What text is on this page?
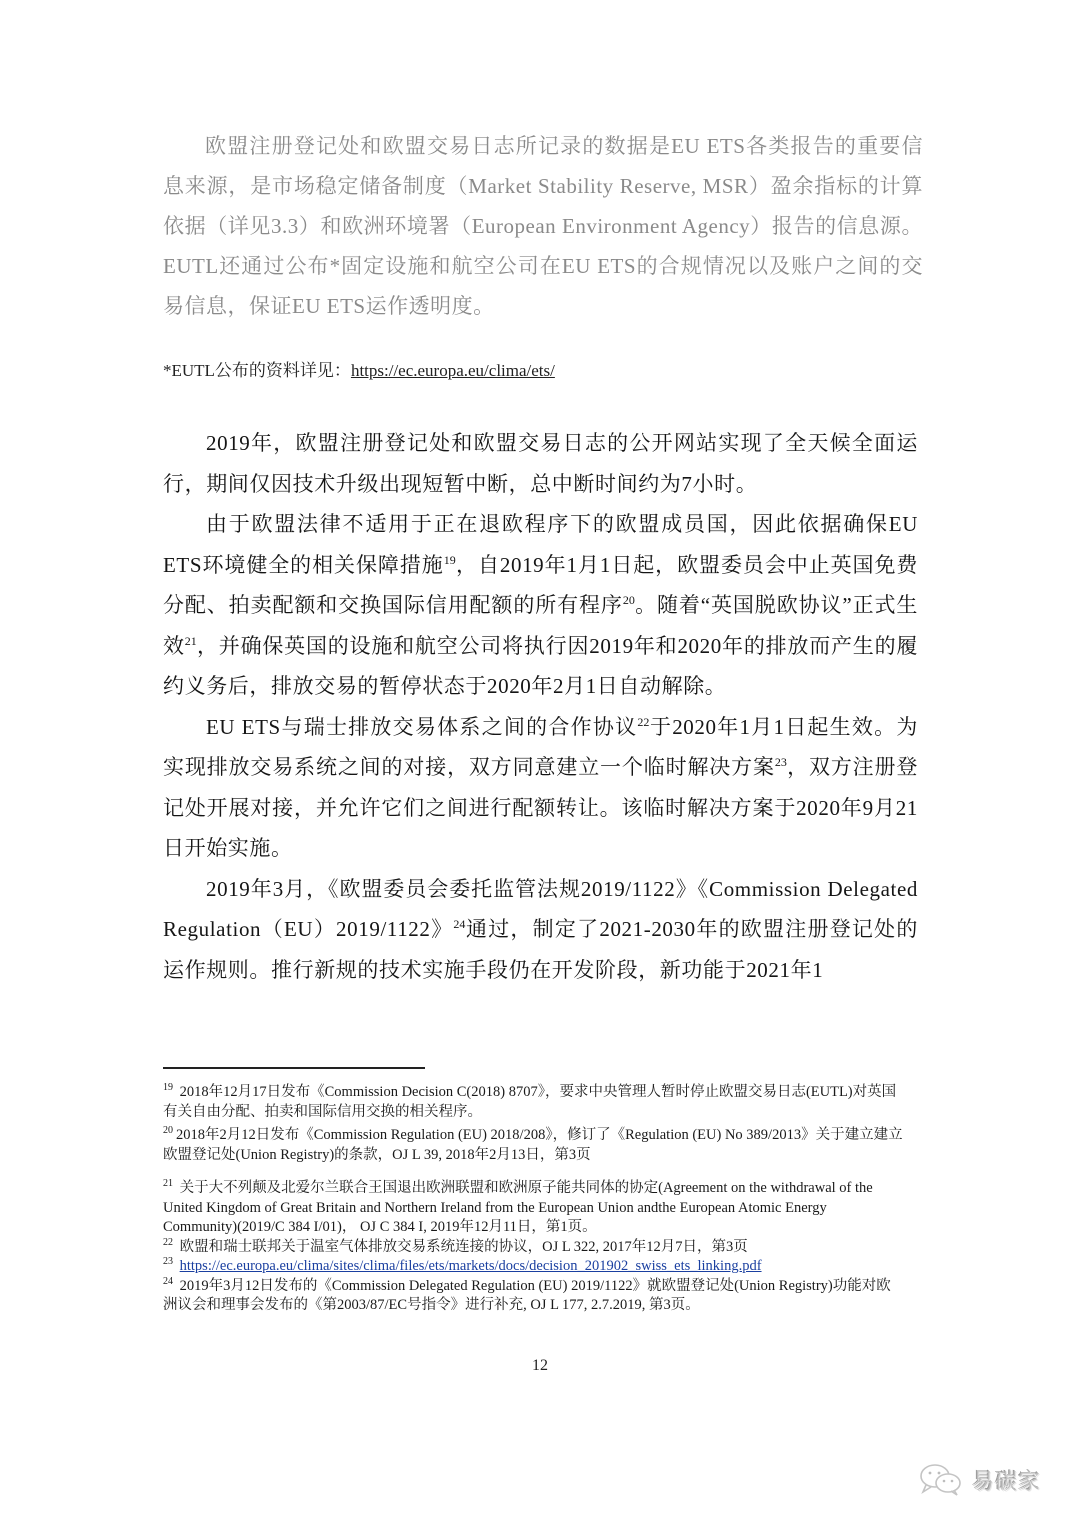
欧盟注册登记处和欧盟交易日志所记录的数据是EU ETS各类报告的重要信息来源，是市场稳定储备制度（Market Stability Reserve, MSR）盈余指标的计算依据（详见3.3）和欧洲环境署（European Environment Agency）报告的信息源。EUTL还通过公布*固定设施和航空公司在EU ETS的合规情况以及账户之间的交易信息，保证EU ETS运作透明度。

*EUTL公布的资料详见：https://ec.europa.eu/clima/ets/

2019年，欧盟注册登记处和欧盟交易日志的公开网站实现了全天候全面运行，期间仅因技术升级出现短暂中断，总中断时间约为7小时。

由于欧盟法律不适用于正在退欧程序下的欧盟成员国，因此依据确保EU ETS环境健全的相关保障措施$^{19}$，自2019年1月1日起，欧盟委员会中止英国免费分配、拍卖配额和交换国际信用配额的所有程序$^{20}$。随着“英国脱欧协议”正式生效$^{21}$，并确保英国的设施和航空公司将执行因2019年和2020年的排放而产生的履约义务后，排放交易的暂停状态于2020年2月1日自动解除。

EU ETS与瑞士排放交易体系之间的合作协议$^{22}$于2020年1月1日起生效。为实现排放交易系统之间的对接，双方同意建立一个临时解决方案$^{23}$，双方注册登记处开展对接，并允许它们之间进行配额转让。该临时解决方案于2020年9月21日开始实施。

2019年3月，《欧盟委员会委托监管法规2019/1122》《Commission Delegated Regulation（EU）2019/1122》$^{24}$通过，制定了2021-2030年的欧盟注册登记处的运作规则。推行新规的技术实施手段仍在开发阶段，新功能于2021年1

$^{19}$ 2018年12月17日发布《Commission Decision C(2018) 8707》，要求中央管理人暂时停止欧盟交易日志(EUTL)对英国有关自由分配、拍卖和国际信用交换的相关程序。
$^{20}$ 2018年2月12日发布《Commission Regulation (EU) 2018/208》，修订了《Regulation (EU) No 389/2013》关于建立建立欧盟登记处(Union Registry)的条款，OJ L 39, 2018年2月13日，第3页
$^{21}$ 关于大不列颠及北爱尔兰联合王国退出欧洲联盟和欧洲原子能共同体的协定(Agreement on the withdrawal of the United Kingdom of Great Britain and Northern Ireland from the European Union andthe European Atomic Energy Community)(2019/C 384 I/01)， OJ C 384 I, 2019年12月11日，第1页。
$^{22}$ 欧盟和瑞士联邦关于温室气体排放交易系统连接的协议，OJ L 322, 2017年12月7日，第3页
$^{23}$ https://ec.europa.eu/clima/sites/clima/files/ets/markets/docs/decision_201902_swiss_ets_linking.pdf
$^{24}$ 2019年3月12日发布的《Commission Delegated Regulation (EU) 2019/1122》就欧盟登记处(Union Registry)功能对欧洲议会和理事会发布的《第2003/87/EC号指令》进行补充, OJ L 177, 2.7.2019, 第3页。
12
易碳家
